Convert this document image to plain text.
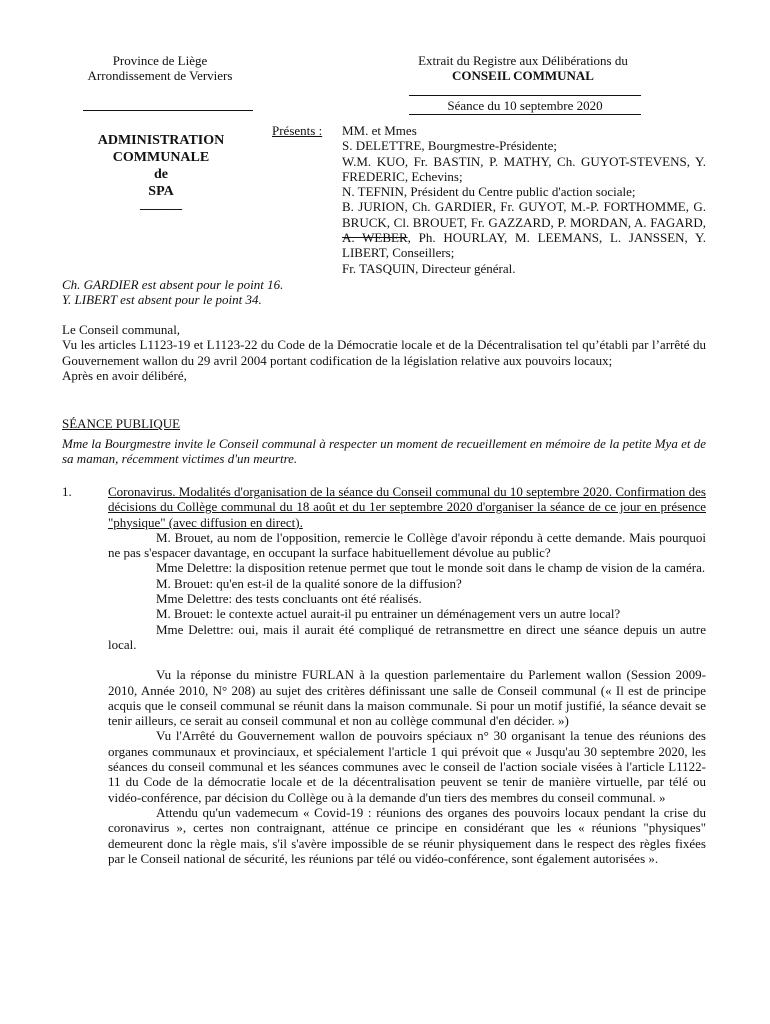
Province de Liège
Arrondissement de Verviers
Extrait du Registre aux Délibérations du
CONSEIL COMMUNAL
Séance du 10 septembre 2020
ADMINISTRATION
COMMUNALE
de
SPA
______
Présents : MM. et Mmes
S. DELETTRE, Bourgmestre-Présidente;
W.M. KUO, Fr. BASTIN, P. MATHY, Ch. GUYOT-STEVENS, Y. FREDERIC, Echevins;
N. TEFNIN, Président du Centre public d'action sociale;
B. JURION, Ch. GARDIER, Fr. GUYOT, M.-P. FORTHOMME, G. BRUCK, Cl. BROUET, Fr. GAZZARD, P. MORDAN, A. FAGARD, A. WEBER, Ph. HOURLAY, M. LEEMANS, L. JANSSEN, Y. LIBERT, Conseillers;
Fr. TASQUIN, Directeur général.
Ch. GARDIER est absent pour le point 16.
Y. LIBERT est absent pour le point 34.

Le Conseil communal,

Vu les articles L1123-19 et L1123-22 du Code de la Démocratie locale et de la Décentralisation tel qu’établi par l’arrêté du Gouvernement wallon du 29 avril 2004 portant codification de la législation relative aux pouvoirs locaux;

Après en avoir délibéré,

SÉANCE PUBLIQUE
Mme la Bourgmestre invite le Conseil communal à respecter un moment de recueillement en mémoire de la petite Mya et de sa maman, récemment victimes d'un meurtre.
1.	Coronavirus. Modalités d'organisation de la séance du Conseil communal du 10 septembre 2020. Confirmation des décisions du Collège communal du 18 août et du 1er septembre 2020 d'organiser la séance de ce jour en présence "physique" (avec diffusion en direct).

M. Brouet, au nom de l'opposition, remercie le Collège d'avoir répondu à cette demande. Mais pourquoi ne pas s'espacer davantage, en occupant la surface habituellement dévolue au public?

Mme Delettre: la disposition retenue permet que tout le monde soit dans le champ de vision de la caméra.

M. Brouet: qu'en est-il de la qualité sonore de la diffusion?

Mme Delettre: des tests concluants ont été réalisés.

M. Brouet: le contexte actuel aurait-il pu entrainer un déménagement vers un autre local?

Mme Delettre: oui, mais il aurait été compliqué de retransmettre en direct une séance depuis un autre local.

Vu la réponse du ministre FURLAN à la question parlementaire du Parlement wallon (Session 2009-2010, Année 2010, N° 208) au sujet des critères définissant une salle de Conseil communal (« Il est de principe acquis que le conseil communal se réunit dans la maison communale. Si pour un motif justifié, la séance devait se tenir ailleurs, ce serait au conseil communal et non au collège communal d'en décider. »)

Vu l'Arrêté du Gouvernement wallon de pouvoirs spéciaux n° 30 organisant la tenue des réunions des organes communaux et provinciaux, et spécialement l'article 1 qui prévoit que « Jusqu'au 30 septembre 2020, les séances du conseil communal et les séances communes avec le conseil de l'action sociale visées à l'article L1122-11 du Code de la démocratie locale et de la décentralisation peuvent se tenir de manière virtuelle, par télé ou vidéo-conférence, par décision du Collège ou à la demande d'un tiers des membres du conseil communal. »

Attendu qu'un vademecum « Covid-19 : réunions des organes des pouvoirs locaux pendant la crise du coronavirus », certes non contraignant, atténue ce principe en considérant que les « réunions "physiques" demeurent donc la règle mais, s'il s'avère impossible de se réunir physiquement dans le respect des règles fixées par le Conseil national de sécurité, les réunions par télé ou vidéo-conférence, sont également autorisées ».
